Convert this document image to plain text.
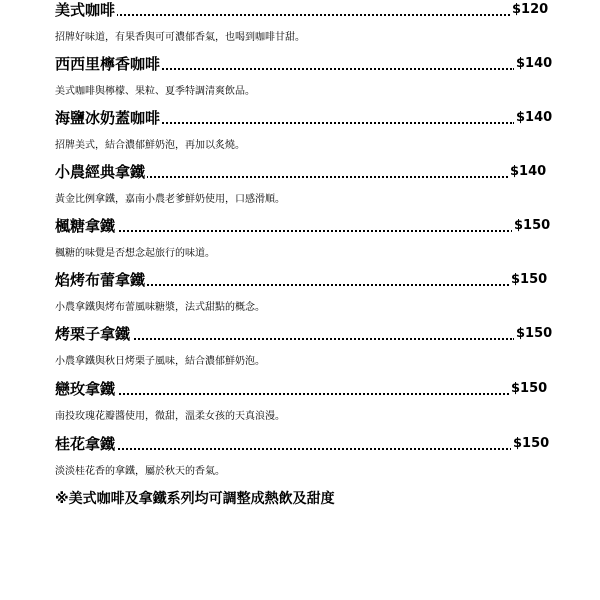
美式咖啡	$120
招牌好味道，有果香與可可濃郁香氣，也喝到咖啡甘甜。
西西里檸香咖啡	$140
美式咖啡與檸檬、果粒、夏季特調清爽飲品。
海鹽冰奶蓋咖啡	$140
招牌美式，結合濃郁鮮奶泡，再加以炙燒。
小農經典拿鐵	$140
黃金比例拿鐵，嘉南小農老爹鮮奶使用，口感滑順。
楓糖拿鐵	$150
楓糖的味覺是否想念起旅行的味道。
焰烤布蕾拿鐵	$150
小農拿鐵與烤布蕾風味糖漿，法式甜點的概念。
烤栗子拿鐵	$150
小農拿鐵與秋日烤栗子風味，結合濃郁鮮奶泡。
戀玫拿鐵	$150
南投玫瑰花瓣醬使用，微甜，溫柔女孩的天真浪漫。
桂花拿鐵	$150
淡淡桂花香的拿鐵，屬於秋天的香氣。
※美式咖啡及拿鐵系列均可調整成熱飲及甜度
